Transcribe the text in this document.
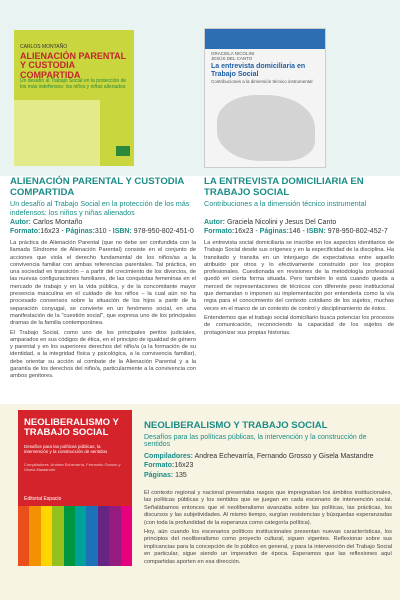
CARLOS MONTAÑO
ALIENACIÓN PARENTAL Y CUSTODIA COMPARTIDA
Un desafío al Trabajo Social en la protección de los más indefensos: los niños y niñas alienados
GRACIELA NICOLINI
JESÚS DEL CANTO
La entrevista domiciliaria en Trabajo Social
Contribuciones a la dimensión técnico instrumental
ALIENACIÓN PARENTAL Y CUSTODIA COMPARTIDA
Un desafío al Trabajo Social en la protección de los más indefensos: los niños y niñas alienados
Autor: Carlos Montaño
Formato:16x23 - Páginas:310 - ISBN: 978-950-802-451-0

La práctica de Alienación Parental (que no debe ser confundida con la llamada Síndrome de Alienación Parental) consiste en el conjunto de acciones que viola el derecho fundamental de los niños/as a la convivencia familiar con ambas referencias parentales. Tal práctica, en una sociedad en transición – a partir del crecimiento de los divorcios, de las nuevas configuraciones familiares, de las conquistas femeninas en el mercado de trabajo y en la vida pública, y de la concomitante mayor presencia masculina en el cuidado de los niños – la cual aún no ha procesado consensos sobre la situación de los hijos a partir de la separación conyugal, se convierte en un fenómeno social, en una manifestación de la "cuestión social", que expresa uno de los principales dramas de la familia contemporánea.

El Trabajo Social, como uno de los principales peritos judiciales, amparados en sus códigos de ética, en el principio de igualdad de género y parental y en los superiores derechos del niño/a (a la formación de su identidad, a la integridad física y psicológica, a la convivencia familiar), debe orientar su acción al combate de la Alienación Parental y a la garantía de los derechos del niño/a, particularmente a la convivencia con ambos genitores.

LA ENTREVISTA DOMICILIARIA EN TRABAJO SOCIAL
Contribuciones a la dimensión técnico instrumental
Autor: Graciela Nicolini y Jesus Del Canto
Formato:16x23 - Páginas:146 - ISBN: 978-950-802-452-7

La entrevista social domiciliaria se inscribe en los aspectos identitarios de Trabajo Social desde sus orígenes y en la especificidad de la disciplina. Ha transitado y transita en un interjuego de expectativas entre aquello atribuido por otros y lo efectivamente construido por los propios profesionales. Cuestionada en revisiones de la metodología profesional quedó en cierta forma situada. Pero también lo está cuando queda a merced de representaciones de técnicos con diferente peso institucional que demandan o imponen su implementación por entenderla como la vía regia para el conocimiento del contexto cotidiano de los sujetos, muchas veces en el marco de un contexto de control y disciplinamiento de éstos.

Entendemos que el trabajo social domiciliario busca potenciar los procesos de comunicación, reconociendo la capacidad de los sujetos de protagonizar sus propias historias.

NEOLIBERALISMO Y TRABAJO SOCIAL
Desafíos para las políticas públicas, la intervención y la construcción de sentidos
Compiladores: Andrea Echevarría, Fernando Grosso y Gisela Mastandre
Editorial Espacio
NEOLIBERALISMO Y TRABAJO SOCIAL
Desafíos para las políticas públicas, la intervención y la construcción de sentidos
Compiladores: Andrea Echevarría, Fernando Grosso y Gisela Mastandre
Formato:16x23
Páginas: 135

El contexto regional y nacional presentaba rasgos que impregnaban los ámbitos institucionales, las políticas públicas y los sentidos que se juegan en cada escenario de intervención social. Señalábamos entonces que el neoliberalismo avanzaba sobre las políticas, las prácticas, los discursos y las subjetividades. Al mismo tiempo, surgían resistencias y búsquedas esperanzadas (con toda la profundidad de la esperanza como categoría política).

Hoy, aún cuando los escenarios políticos institucionales presentan nuevas características, los principios del neoliberalismo como proyecto cultural, siguen vigentes. Reflexionar sobre sus implicancias para la concepción de lo público en general, y para la intervención del Trabajo Social en particular, sigue siendo un imperativo de época. Esperamos que las reflexiones aquí compartidas aporten en esa dirección.
